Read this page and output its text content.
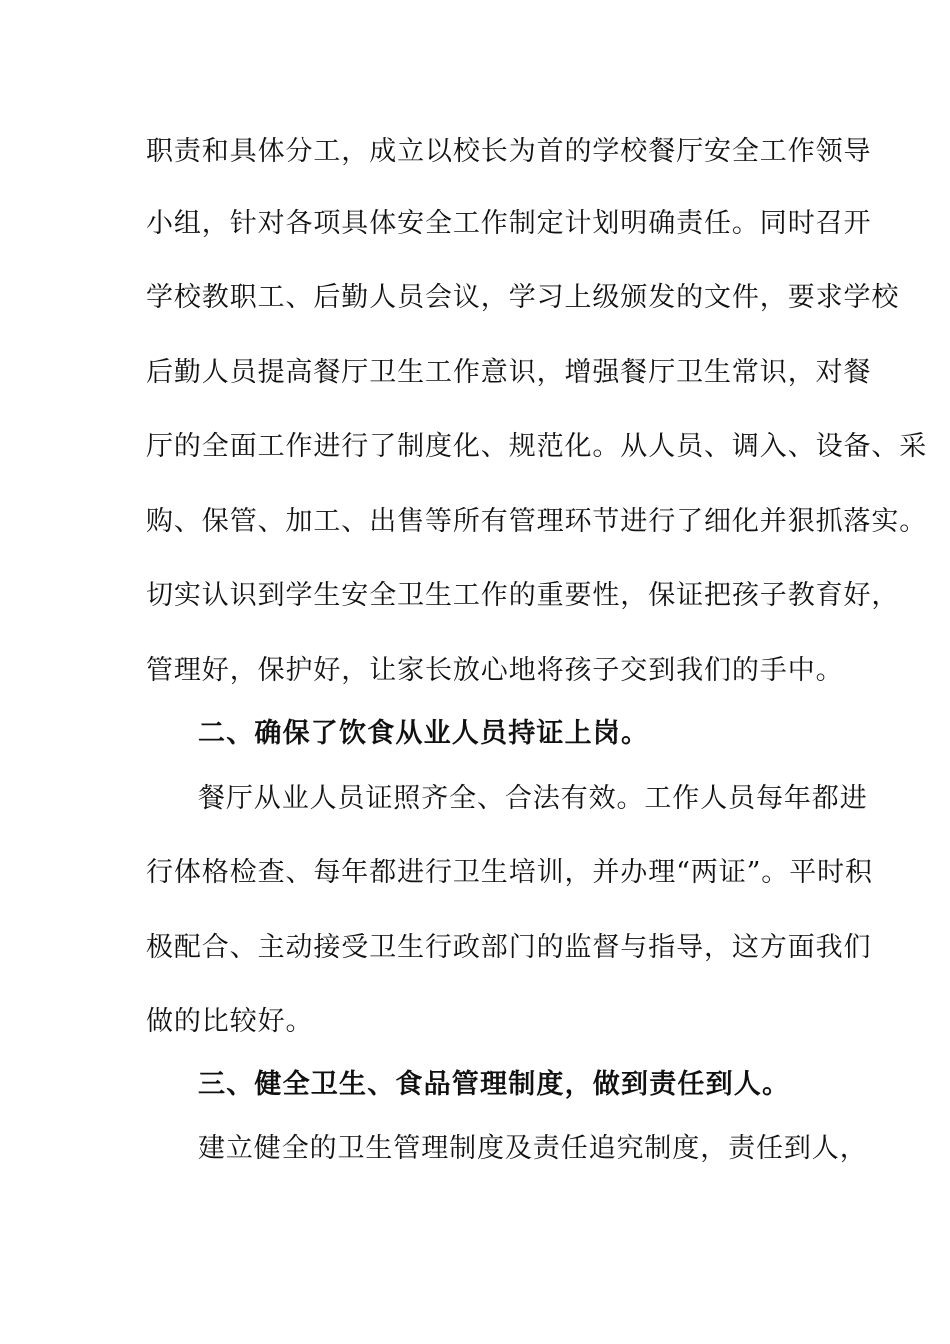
职责和具体分工，成立以校长为首的学校餐厅安全工作领导
小组，针对各项具体安全工作制定计划明确责任。同时召开
学校教职工、后勤人员会议，学习上级颁发的文件，要求学校
后勤人员提高餐厅卫生工作意识，增强餐厅卫生常识，对餐
厅的全面工作进行了制度化、规范化。从人员、调入、设备、采
购、保管、加工、出售等所有管理环节进行了细化并狠抓落实。
切实认识到学生安全卫生工作的重要性，保证把孩子教育好，
管理好，保护好，让家长放心地将孩子交到我们的手中。
二、确保了饮食从业人员持证上岗。
餐厅从业人员证照齐全、合法有效。工作人员每年都进
行体格检查、每年都进行卫生培训，并办理“两证”。平时积
极配合、主动接受卫生行政部门的监督与指导，这方面我们
做的比较好。
三、健全卫生、食品管理制度，做到责任到人。
建立健全的卫生管理制度及责任追究制度，责任到人，
